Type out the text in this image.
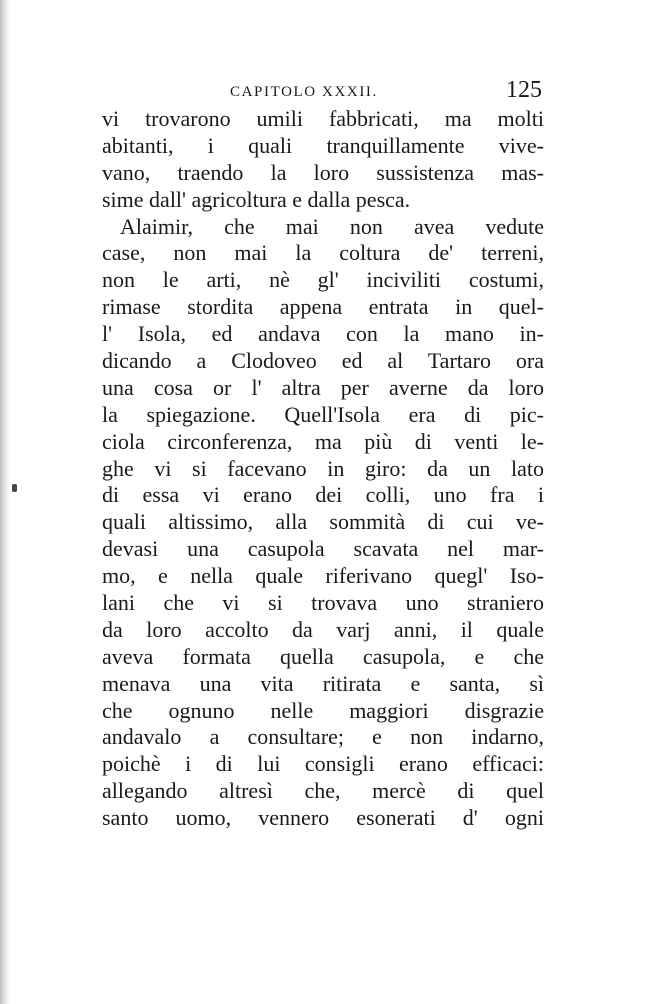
CAPITOLO XXXII.	125
vi trovarono umili fabbricati, ma molti
abitanti, i quali tranquillamente vive-
vano, traendo la loro sussistenza mas-
sime dall' agricoltura e dalla pesca.
Alaimir, che mai non avea vedute
case, non mai la coltura de' terreni,
non le arti, nè gl' inciviliti costumi,
rimase stordita appena entrata in quel-
l' Isola, ed andava con la mano in-
dicando a Clodoveo ed al Tartaro ora
una cosa or l' altra per averne da loro
la spiegazione. Quell'Isola era di pic-
ciola circonferenza, ma più di venti le-
ghe vi si facevano in giro: da un lato
di essa vi erano dei colli, uno fra i
quali altissimo, alla sommità di cui ve-
devasi una casupola scavata nel mar-
mo, e nella quale riferivano quegl' Iso-
lani che vi si trovava uno straniero
da loro accolto da varj anni, il quale
aveva formata quella casupola, e che
menava una vita ritirata e santa, sì
che ognuno nelle maggiori disgrazie
andavalo a consultare; e non indarno,
poichè i di lui consigli erano efficaci:
allegando altresì che, mercè di quel
santo uomo, vennero esonerati d' ogni
